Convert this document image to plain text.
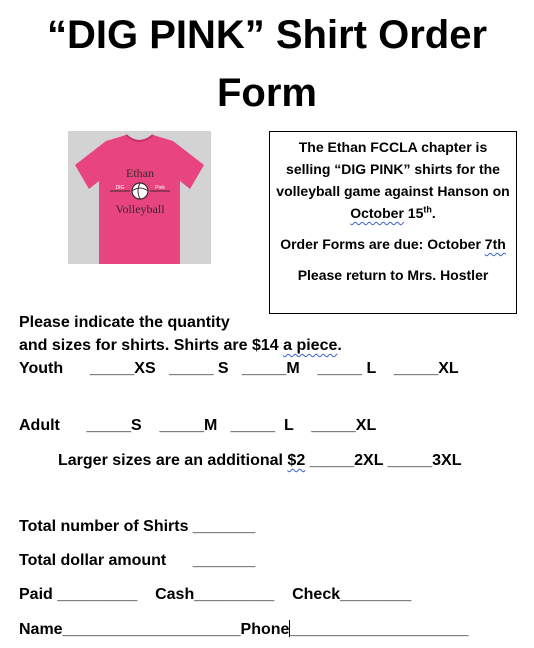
“DIG PINK” Shirt Order Form
Ethan
DIG	Pink
Volleyball

The Ethan FCCLA chapter is selling “DIG PINK” shirts for the volleyball game against Hanson on October 15th.

Order Forms are due: October 7th

Please return to Mrs. Hostler

Please indicate the quantity
and sizes for shirts. Shirts are $14 a piece.
Youth      _____XS   _____ S   _____M    _____ L    _____XL
Adult      _____S    _____M   _____  L    _____XL
Larger sizes are an additional $2 _____2XL _____3XL
Total number of Shirts _______
Total dollar amount      _______
Paid _________    Cash_________    Check________
Name____________________Phone____________________
